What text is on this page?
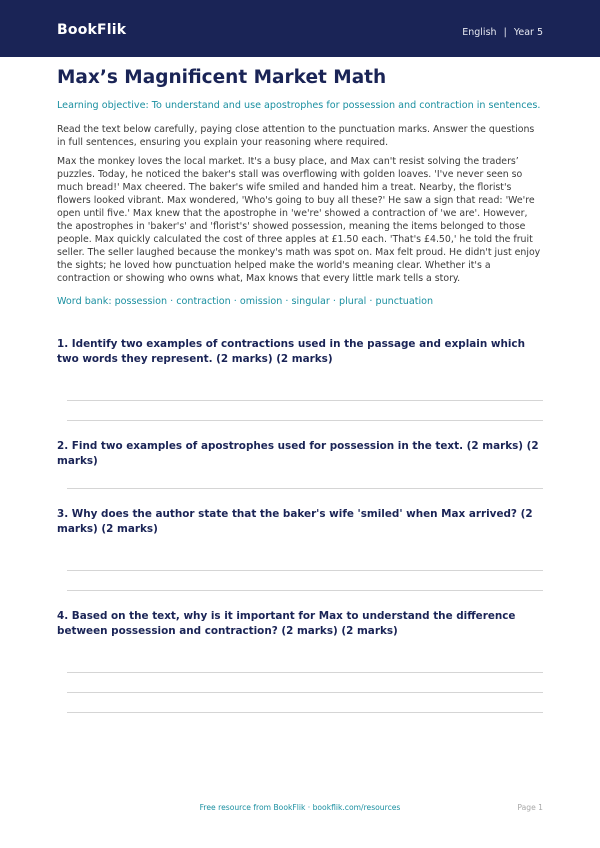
BookFlik	English | Year 5
Max’s Magnificent Market Math
Learning objective: To understand and use apostrophes for possession and contraction in sentences.

Read the text below carefully, paying close attention to the punctuation marks. Answer the questions in full sentences, ensuring you explain your reasoning where required.

Max the monkey loves the local market. It's a busy place, and Max can't resist solving the traders’ puzzles. Today, he noticed the baker's stall was overflowing with golden loaves. 'I've never seen so much bread!' Max cheered. The baker's wife smiled and handed him a treat. Nearby, the florist's flowers looked vibrant. Max wondered, 'Who's going to buy all these?' He saw a sign that read: 'We're open until five.' Max knew that the apostrophe in 'we're' showed a contraction of 'we are'. However, the apostrophes in 'baker's' and 'florist's' showed possession, meaning the items belonged to those people. Max quickly calculated the cost of three apples at £1.50 each. 'That's £4.50,' he told the fruit seller. The seller laughed because the monkey's math was spot on. Max felt proud. He didn't just enjoy the sights; he loved how punctuation helped make the world's meaning clear. Whether it's a contraction or showing who owns what, Max knows that every little mark tells a story.

Word bank: possession · contraction · omission · singular · plural · punctuation
1. Identify two examples of contractions used in the passage and explain which two words they represent. (2 marks) (2 marks)
2. Find two examples of apostrophes used for possession in the text. (2 marks) (2 marks)
3. Why does the author state that the baker's wife 'smiled' when Max arrived? (2 marks) (2 marks)
4. Based on the text, why is it important for Max to understand the difference between possession and contraction? (2 marks) (2 marks)
Free resource from BookFlik · bookflik.com/resources	Page 1
